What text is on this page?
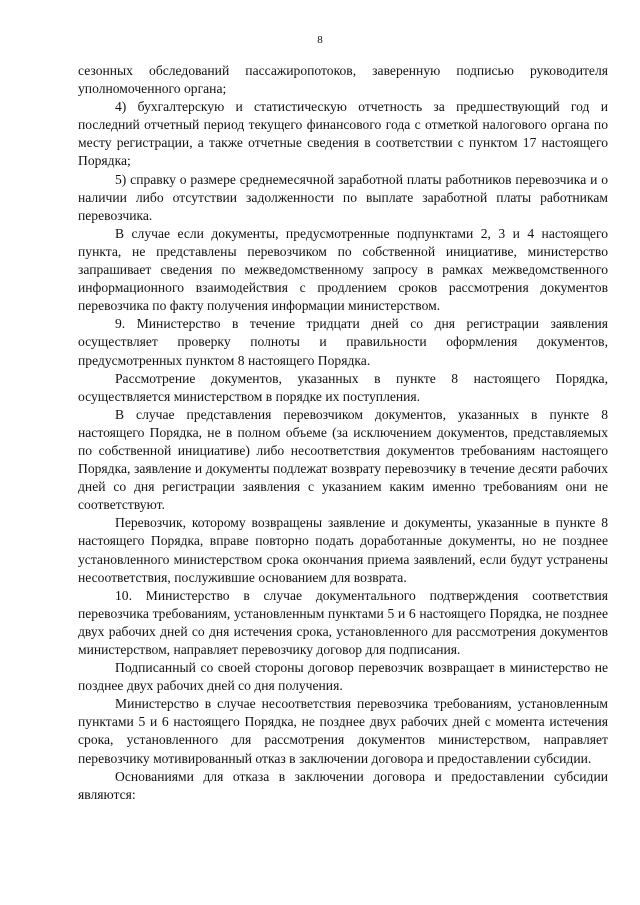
8

сезонных обследований пассажиропотоков, заверенную подписью руководителя уполномоченного органа;

4) бухгалтерскую и статистическую отчетность за предшествующий год и последний отчетный период текущего финансового года с отметкой налогового органа по месту регистрации, а также отчетные сведения в соответствии с пунктом 17 настоящего Порядка;

5) справку о размере среднемесячной заработной платы работников перевозчика и о наличии либо отсутствии задолженности по выплате заработной платы работникам перевозчика.

В случае если документы, предусмотренные подпунктами 2, 3 и 4 настоящего пункта, не представлены перевозчиком по собственной инициативе, министерство запрашивает сведения по межведомственному запросу в рамках межведомственного информационного взаимодействия с продлением сроков рассмотрения документов перевозчика по факту получения информации министерством.

9. Министерство в течение тридцати дней со дня регистрации заявления осуществляет проверку полноты и правильности оформления документов, предусмотренных пунктом 8 настоящего Порядка.

Рассмотрение документов, указанных в пункте 8 настоящего Порядка, осуществляется министерством в порядке их поступления.

В случае представления перевозчиком документов, указанных в пункте 8 настоящего Порядка, не в полном объеме (за исключением документов, представляемых по собственной инициативе) либо несоответствия документов требованиям настоящего Порядка, заявление и документы подлежат возврату перевозчику в течение десяти рабочих дней со дня регистрации заявления с указанием каким именно требованиям они не соответствуют.

Перевозчик, которому возвращены заявление и документы, указанные в пункте 8 настоящего Порядка, вправе повторно подать доработанные документы, но не позднее установленного министерством срока окончания приема заявлений, если будут устранены несоответствия, послужившие основанием для возврата.

10. Министерство в случае документального подтверждения соответствия перевозчика требованиям, установленным пунктами 5 и 6 настоящего Порядка, не позднее двух рабочих дней со дня истечения срока, установленного для рассмотрения документов министерством, направляет перевозчику договор для подписания.

Подписанный со своей стороны договор перевозчик возвращает в министерство не позднее двух рабочих дней со дня получения.

Министерство в случае несоответствия перевозчика требованиям, установленным пунктами 5 и 6 настоящего Порядка, не позднее двух рабочих дней с момента истечения срока, установленного для рассмотрения документов министерством, направляет перевозчику мотивированный отказ в заключении договора и предоставлении субсидии.

Основаниями для отказа в заключении договора и предоставлении субсидии являются:
